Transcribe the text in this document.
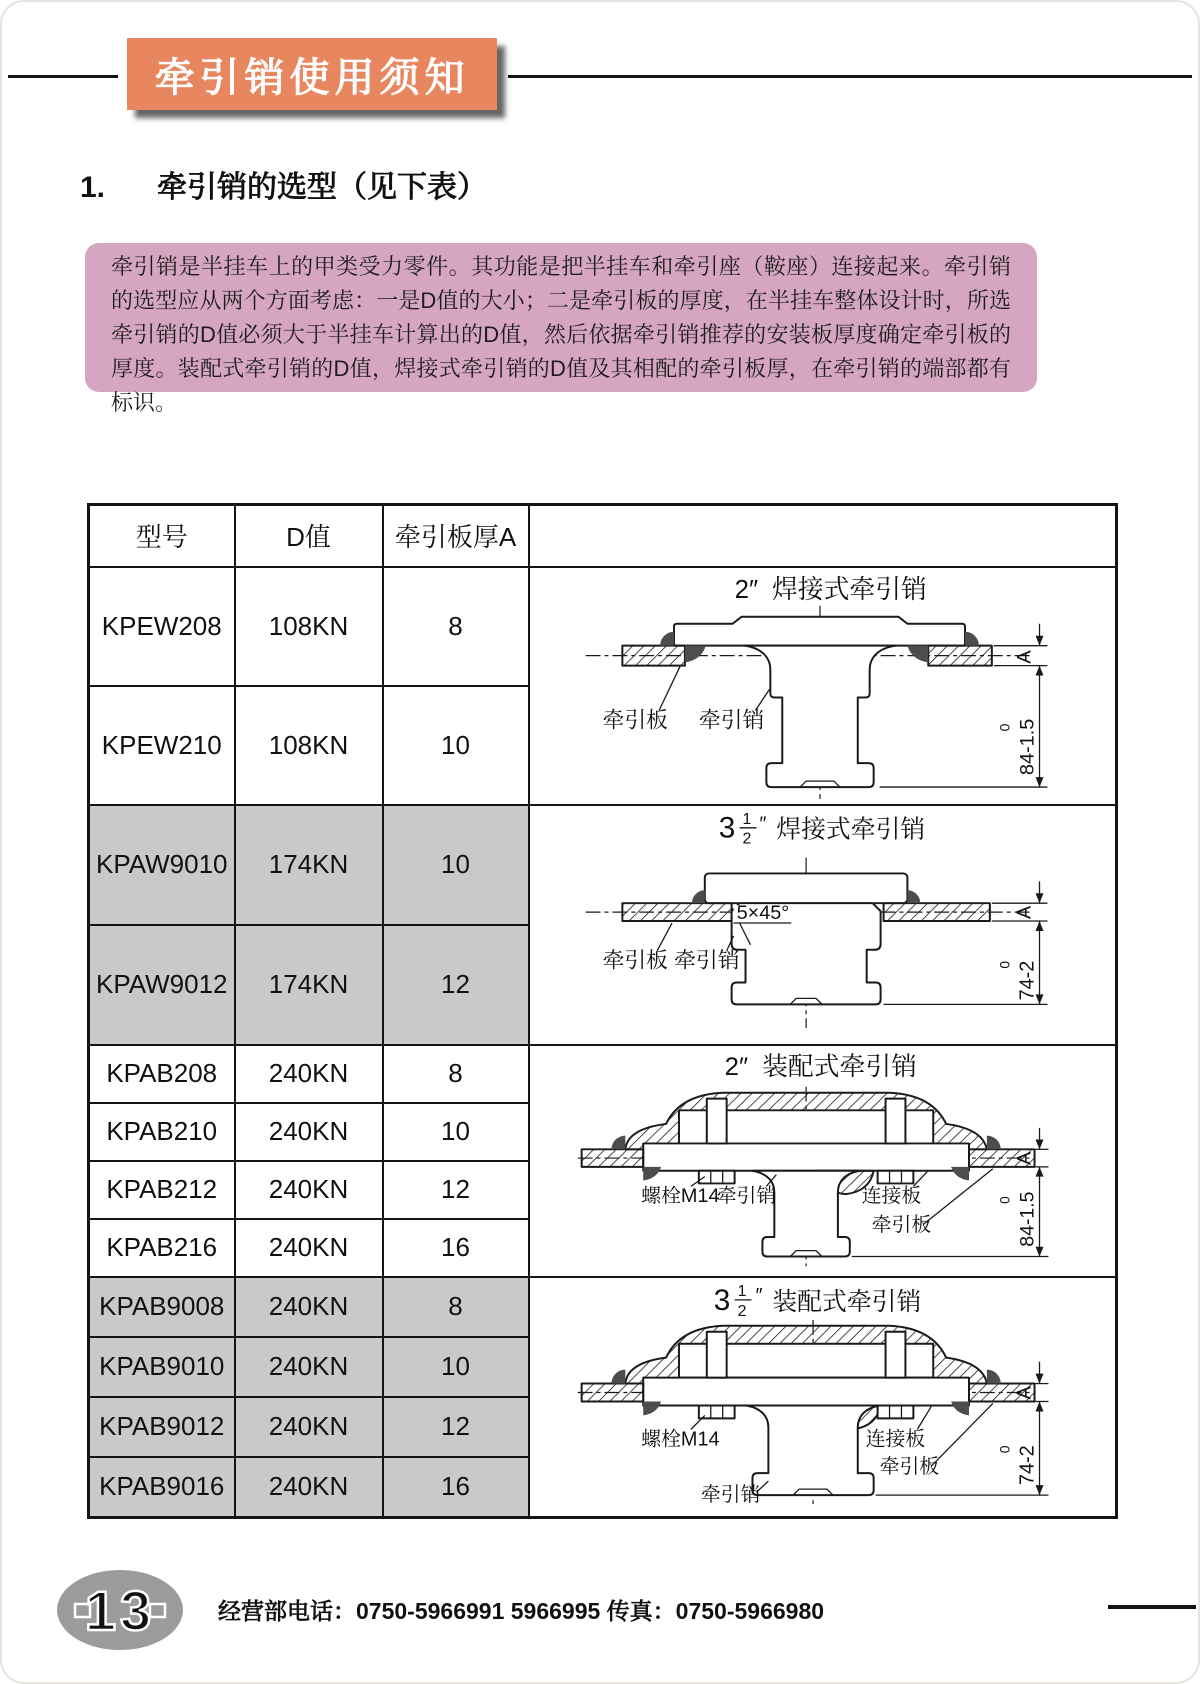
牵引销使用须知
1. 牵引销的选型（见下表）
牵引销是半挂车上的甲类受力零件。其功能是把半挂车和牵引座（鞍座）连接起来。牵引销的选型应从两个方面考虑：一是D值的大小；二是牵引板的厚度，在半挂车整体设计时，所选牵引销的D值必须大于半挂车计算出的D值，然后依据牵引销推荐的安装板厚度确定牵引板的厚度。装配式牵引销的D值，焊接式牵引销的D值及其相配的牵引板厚，在牵引销的端部都有标识。
型号	D值	牵引板厚A	
KPEW208	108KN	8	
2″ 焊接式牵引销
A
84-1.5
0
牵引板 牵引销

KPEW210	108KN	10	
KPAW9010	174KN	10	
3 1
2
″ 焊接式牵引销
5×45°	A
74-2
0
牵引板 牵引销

KPAW9012	174KN	12	
KPAB208	240KN	8	2″ 装配式牵引销
A
84-1.5
0
螺栓M14
牵引销	连接板
牵引板

KPAB210	240KN	10	
KPAB212	240KN	12	
KPAB216	240KN	16	
KPAB9008	240KN	8	3 1
2
″ 装配式牵引销
A
74-2
0
螺栓M14	连接板
牵引板
牵引销

KPAB9010	240KN	10	
KPAB9012	240KN	12	
KPAB9016	240KN	16	
13	经营部电话：0750-5966991 5966995 传真：0750-5966980
